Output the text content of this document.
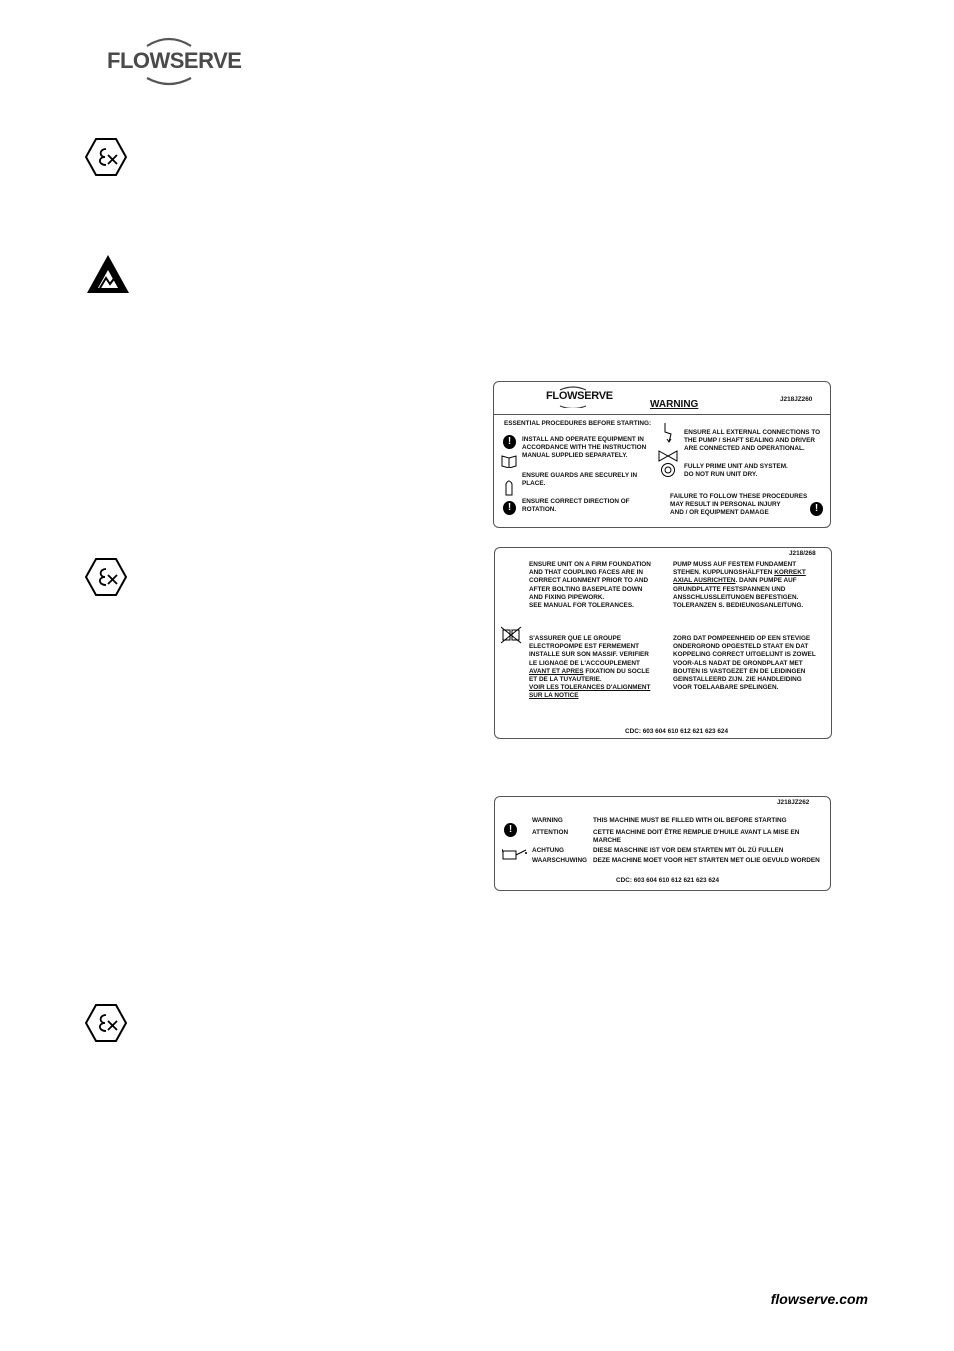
FLOWSERVE
FLOWSERVE
WARNING	J218JZ260
ESSENTIAL PROCEDURES BEFORE STARTING:
!	INSTALL AND OPERATE EQUIPMENT IN
ACCORDANCE WITH THE INSTRUCTION
MANUAL SUPPLIED SEPARATELY.
ENSURE GUARDS ARE SECURELY IN
PLACE.
!
ENSURE CORRECT DIRECTION OF
ROTATION.
ENSURE ALL EXTERNAL CONNECTIONS TO
THE PUMP / SHAFT SEALING AND DRIVER
ARE CONNECTED AND OPERATIONAL.
FULLY PRIME UNIT AND SYSTEM.
DO NOT RUN UNIT DRY.
FAILURE TO FOLLOW THESE PROCEDURES
MAY RESULT IN PERSONAL INJURY
AND / OR EQUIPMENT DAMAGE	!
J218/268
ENSURE UNIT ON A FIRM FOUNDATION
AND THAT COUPLING FACES ARE IN
CORRECT ALIGNMENT PRIOR TO AND
AFTER BOLTING BASEPLATE DOWN
AND FIXING PIPEWORK.
SEE MANUAL FOR TOLERANCES.
PUMP MUSS AUF FESTEM FUNDAMENT
STEHEN. KUPPLUNGSHÄLFTEN KORREKT
AXIAL AUSRICHTEN. DANN PUMPE AUF
GRUNDPLATTE FESTSPANNEN UND
ANSSCHLUSSLEITUNGEN BEFESTIGEN.
TOLERANZEN S. BEDIEUNGSANLEITUNG.
S'ASSURER QUE LE GROUPE
ELECTROPOMPE EST FERMEMENT
INSTALLE SUR SON MASSIF. VERIFIER
LE LIGNAGE DE L'ACCOUPLEMENT
AVANT ET APRES FIXATION DU SOCLE
ET DE LA TUYAUTERIE.
VOIR LES TOLERANCES D'ALIGNMENT
SUR LA NOTICE
ZORG DAT POMPEENHEID OP EEN STEVIGE
ONDERGROND OPGESTELD STAAT EN DAT
KOPPELING CORRECT UITGELIJNT IS ZOWEL
VOOR-ALS NADAT DE GRONDPLAAT MET
BOUTEN IS VASTGEZET EN DE LEIDINGEN
GEINSTALLEERD ZIJN. ZIE HANDLEIDING
VOOR TOELAABARE SPELINGEN.
CDC: 603 604 610 612 621 623 624
J218JZ262
!
WARNING	THIS MACHINE MUST BE FILLED WITH OIL BEFORE STARTING
ATTENTION	CETTE MACHINE DOIT ÊTRE REMPLIE D'HUILE AVANT LA MISE EN
MARCHE
ACHTUNG	DIESE MASCHINE IST VOR DEM STARTEN MIT ÖL ZÜ FULLEN
WAARSCHUWING DEZE MACHINE MOET VOOR HET STARTEN MET OLIE GEVULD WORDEN
CDC: 603 604 610 612 621 623 624
flowserve.com
